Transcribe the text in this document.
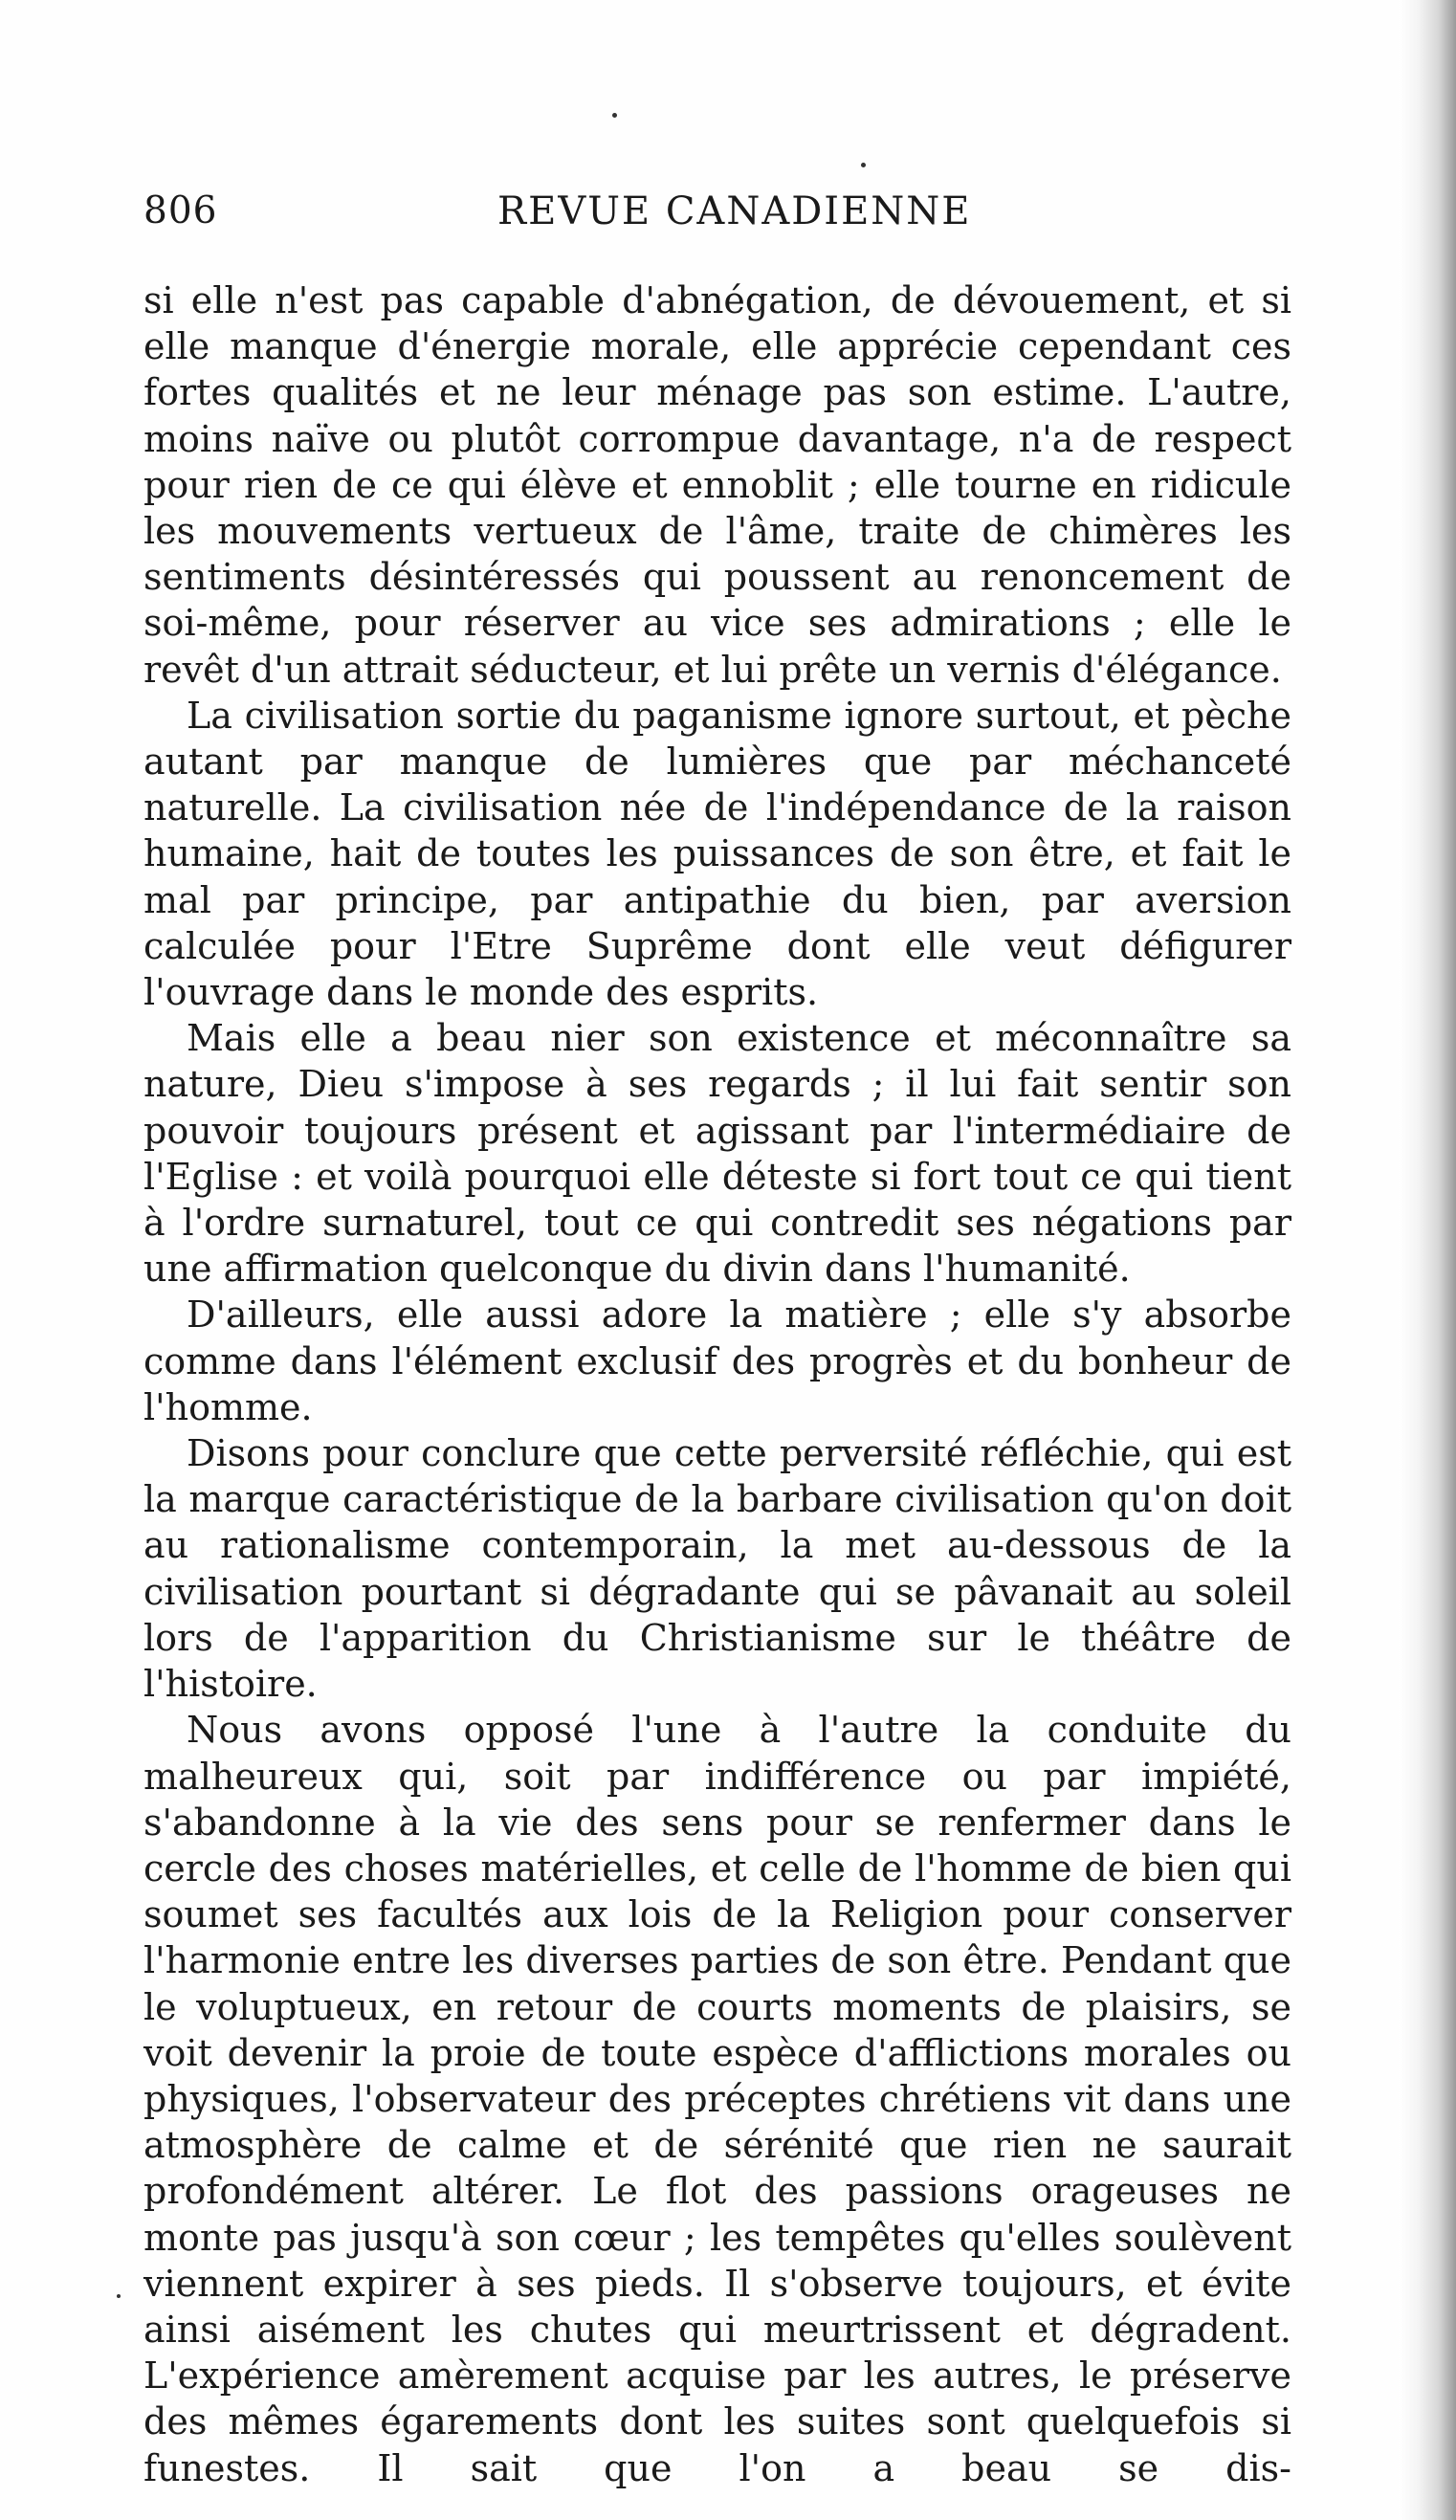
806	REVUE CANADIENNE

si elle n'est pas capable d'abnégation, de dévouement, et si elle manque d'énergie morale, elle apprécie cependant ces fortes qualités et ne leur ménage pas son estime. L'autre, moins naïve ou plutôt corrompue davantage, n'a de respect pour rien de ce qui élève et ennoblit ; elle tourne en ridicule les mouvements vertueux de l'âme, traite de chimères les sentiments désintéressés qui poussent au renoncement de soi-même, pour réserver au vice ses admirations ; elle le revêt d'un attrait séducteur, et lui prête un vernis d'élégance.

La civilisation sortie du paganisme ignore surtout, et pèche autant par manque de lumières que par méchanceté naturelle. La civilisation née de l'indépendance de la raison humaine, hait de toutes les puissances de son être, et fait le mal par principe, par antipathie du bien, par aversion calculée pour l'Etre Suprême dont elle veut défigurer l'ouvrage dans le monde des esprits.

Mais elle a beau nier son existence et méconnaître sa nature, Dieu s'impose à ses regards ; il lui fait sentir son pouvoir toujours présent et agissant par l'intermédiaire de l'Eglise : et voilà pourquoi elle déteste si fort tout ce qui tient à l'ordre surnaturel, tout ce qui contredit ses négations par une affirmation quelconque du divin dans l'humanité.

D'ailleurs, elle aussi adore la matière ; elle s'y absorbe comme dans l'élément exclusif des progrès et du bonheur de l'homme.

Disons pour conclure que cette perversité réfléchie, qui est la marque caractéristique de la barbare civilisation qu'on doit au rationalisme contemporain, la met au-dessous de la civilisation pourtant si dégradante qui se pâvanait au soleil lors de l'apparition du Christianisme sur le théâtre de l'histoire.

Nous avons opposé l'une à l'autre la conduite du malheureux qui, soit par indifférence ou par impiété, s'abandonne à la vie des sens pour se renfermer dans le cercle des choses matérielles, et celle de l'homme de bien qui soumet ses facultés aux lois de la Religion pour conserver l'harmonie entre les diverses parties de son être. Pendant que le voluptueux, en retour de courts moments de plaisirs, se voit devenir la proie de toute espèce d'afflictions morales ou physiques, l'observateur des préceptes chrétiens vit dans une atmosphère de calme et de sérénité que rien ne saurait profondément altérer. Le flot des passions orageuses ne monte pas jusqu'à son cœur ; les tempêtes qu'elles soulèvent viennent expirer à ses pieds. Il s'observe toujours, et évite ainsi aisément les chutes qui meurtrissent et dégradent. L'expérience amèrement acquise par les autres, le préserve des mêmes égarements dont les suites sont quelquefois si funestes. Il sait que l'on a beau se dis-
